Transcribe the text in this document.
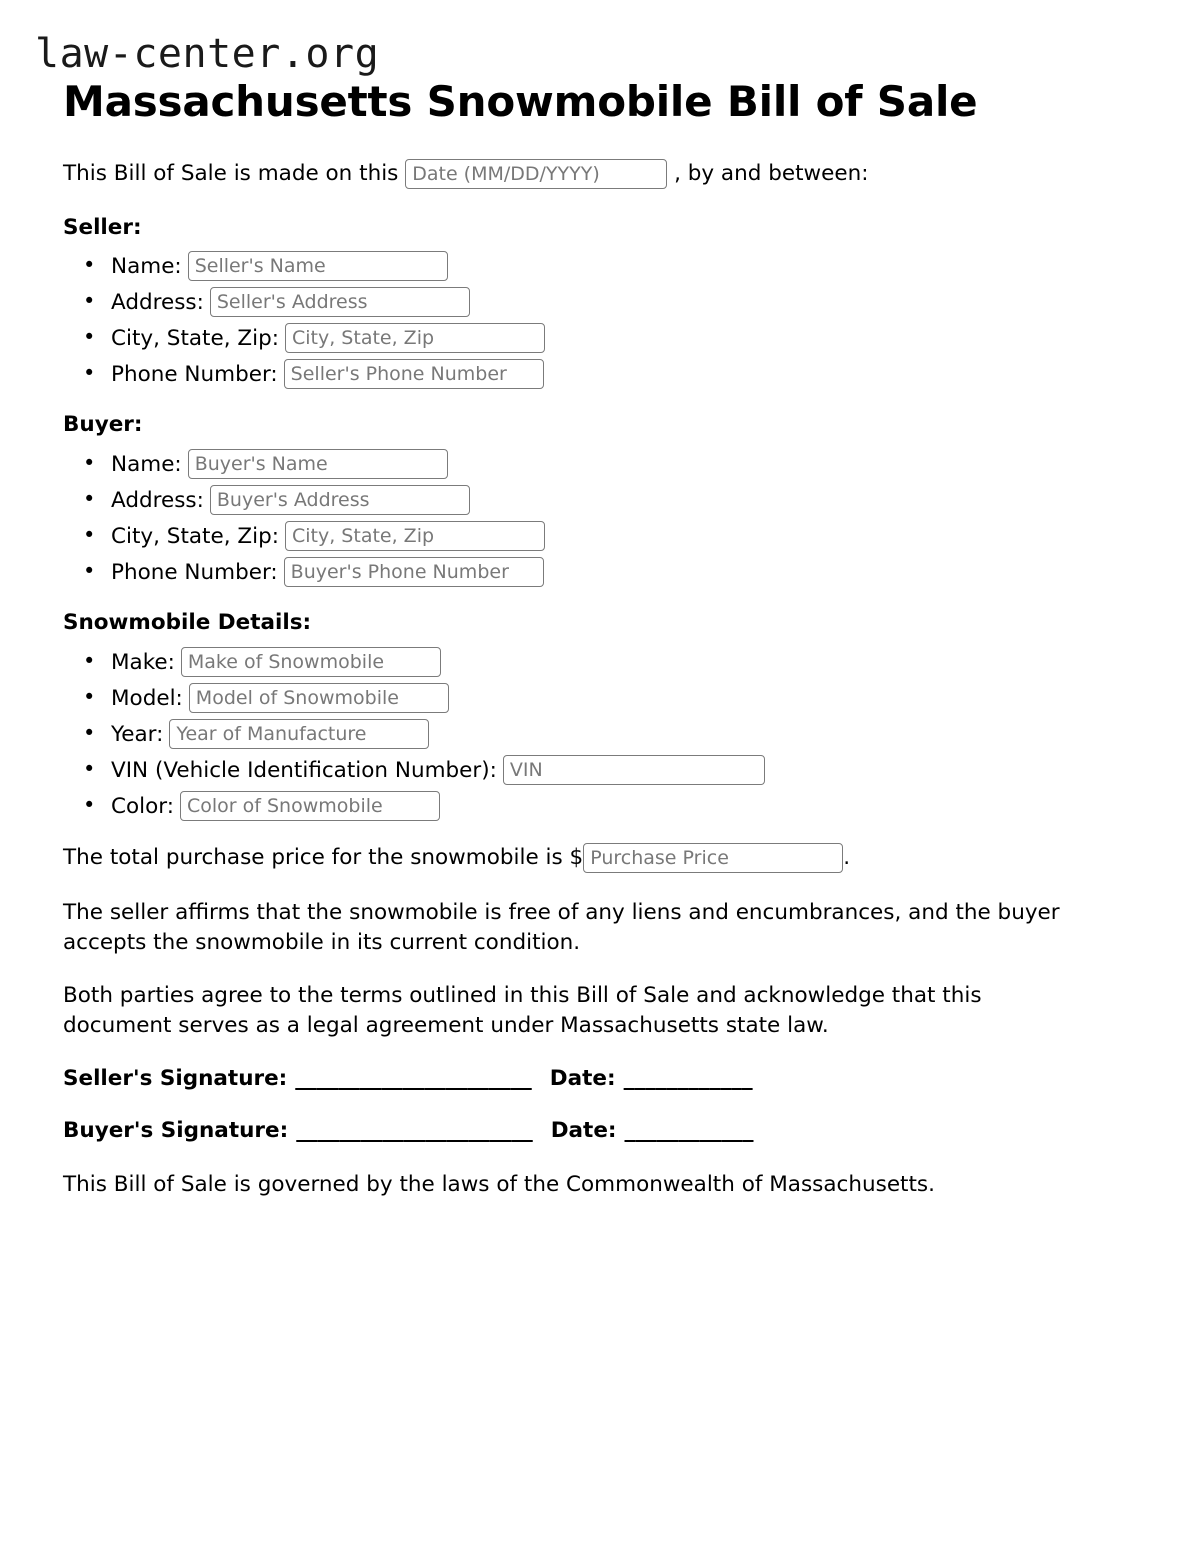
law-center.org
Massachusetts Snowmobile Bill of Sale

This Bill of Sale is made on this Date (MM/DD/YYYY)	, by and between:

Seller:
• Name:
Seller's Name
• Address:
Seller's Address
• City, State, Zip:
City, State, Zip
• Phone Number:
Seller's Phone Number
Buyer:
• Name:
Buyer's Name
• Address:
Buyer's Address
• City, State, Zip:
City, State, Zip
• Phone Number:
Buyer's Phone Number
Snowmobile Details:
• Make:
Make of Snowmobile
• Model:
Model of Snowmobile
• Year:
Year of Manufacture
• VIN (Vehicle Identification Number):
VIN
• Color:
Color of Snowmobile

The total purchase price for the snowmobile is $Purchase Price	.

The seller affirms that the snowmobile is free of any liens and encumbrances, and the buyer accepts the snowmobile in its current condition.

Both parties agree to the terms outlined in this Bill of Sale and acknowledge that this document serves as a legal agreement under Massachusetts state law.

Seller's Signature: ______________________ Date: ____________
Buyer's Signature: ______________________ Date: ____________

This Bill of Sale is governed by the laws of the Commonwealth of Massachusetts.
